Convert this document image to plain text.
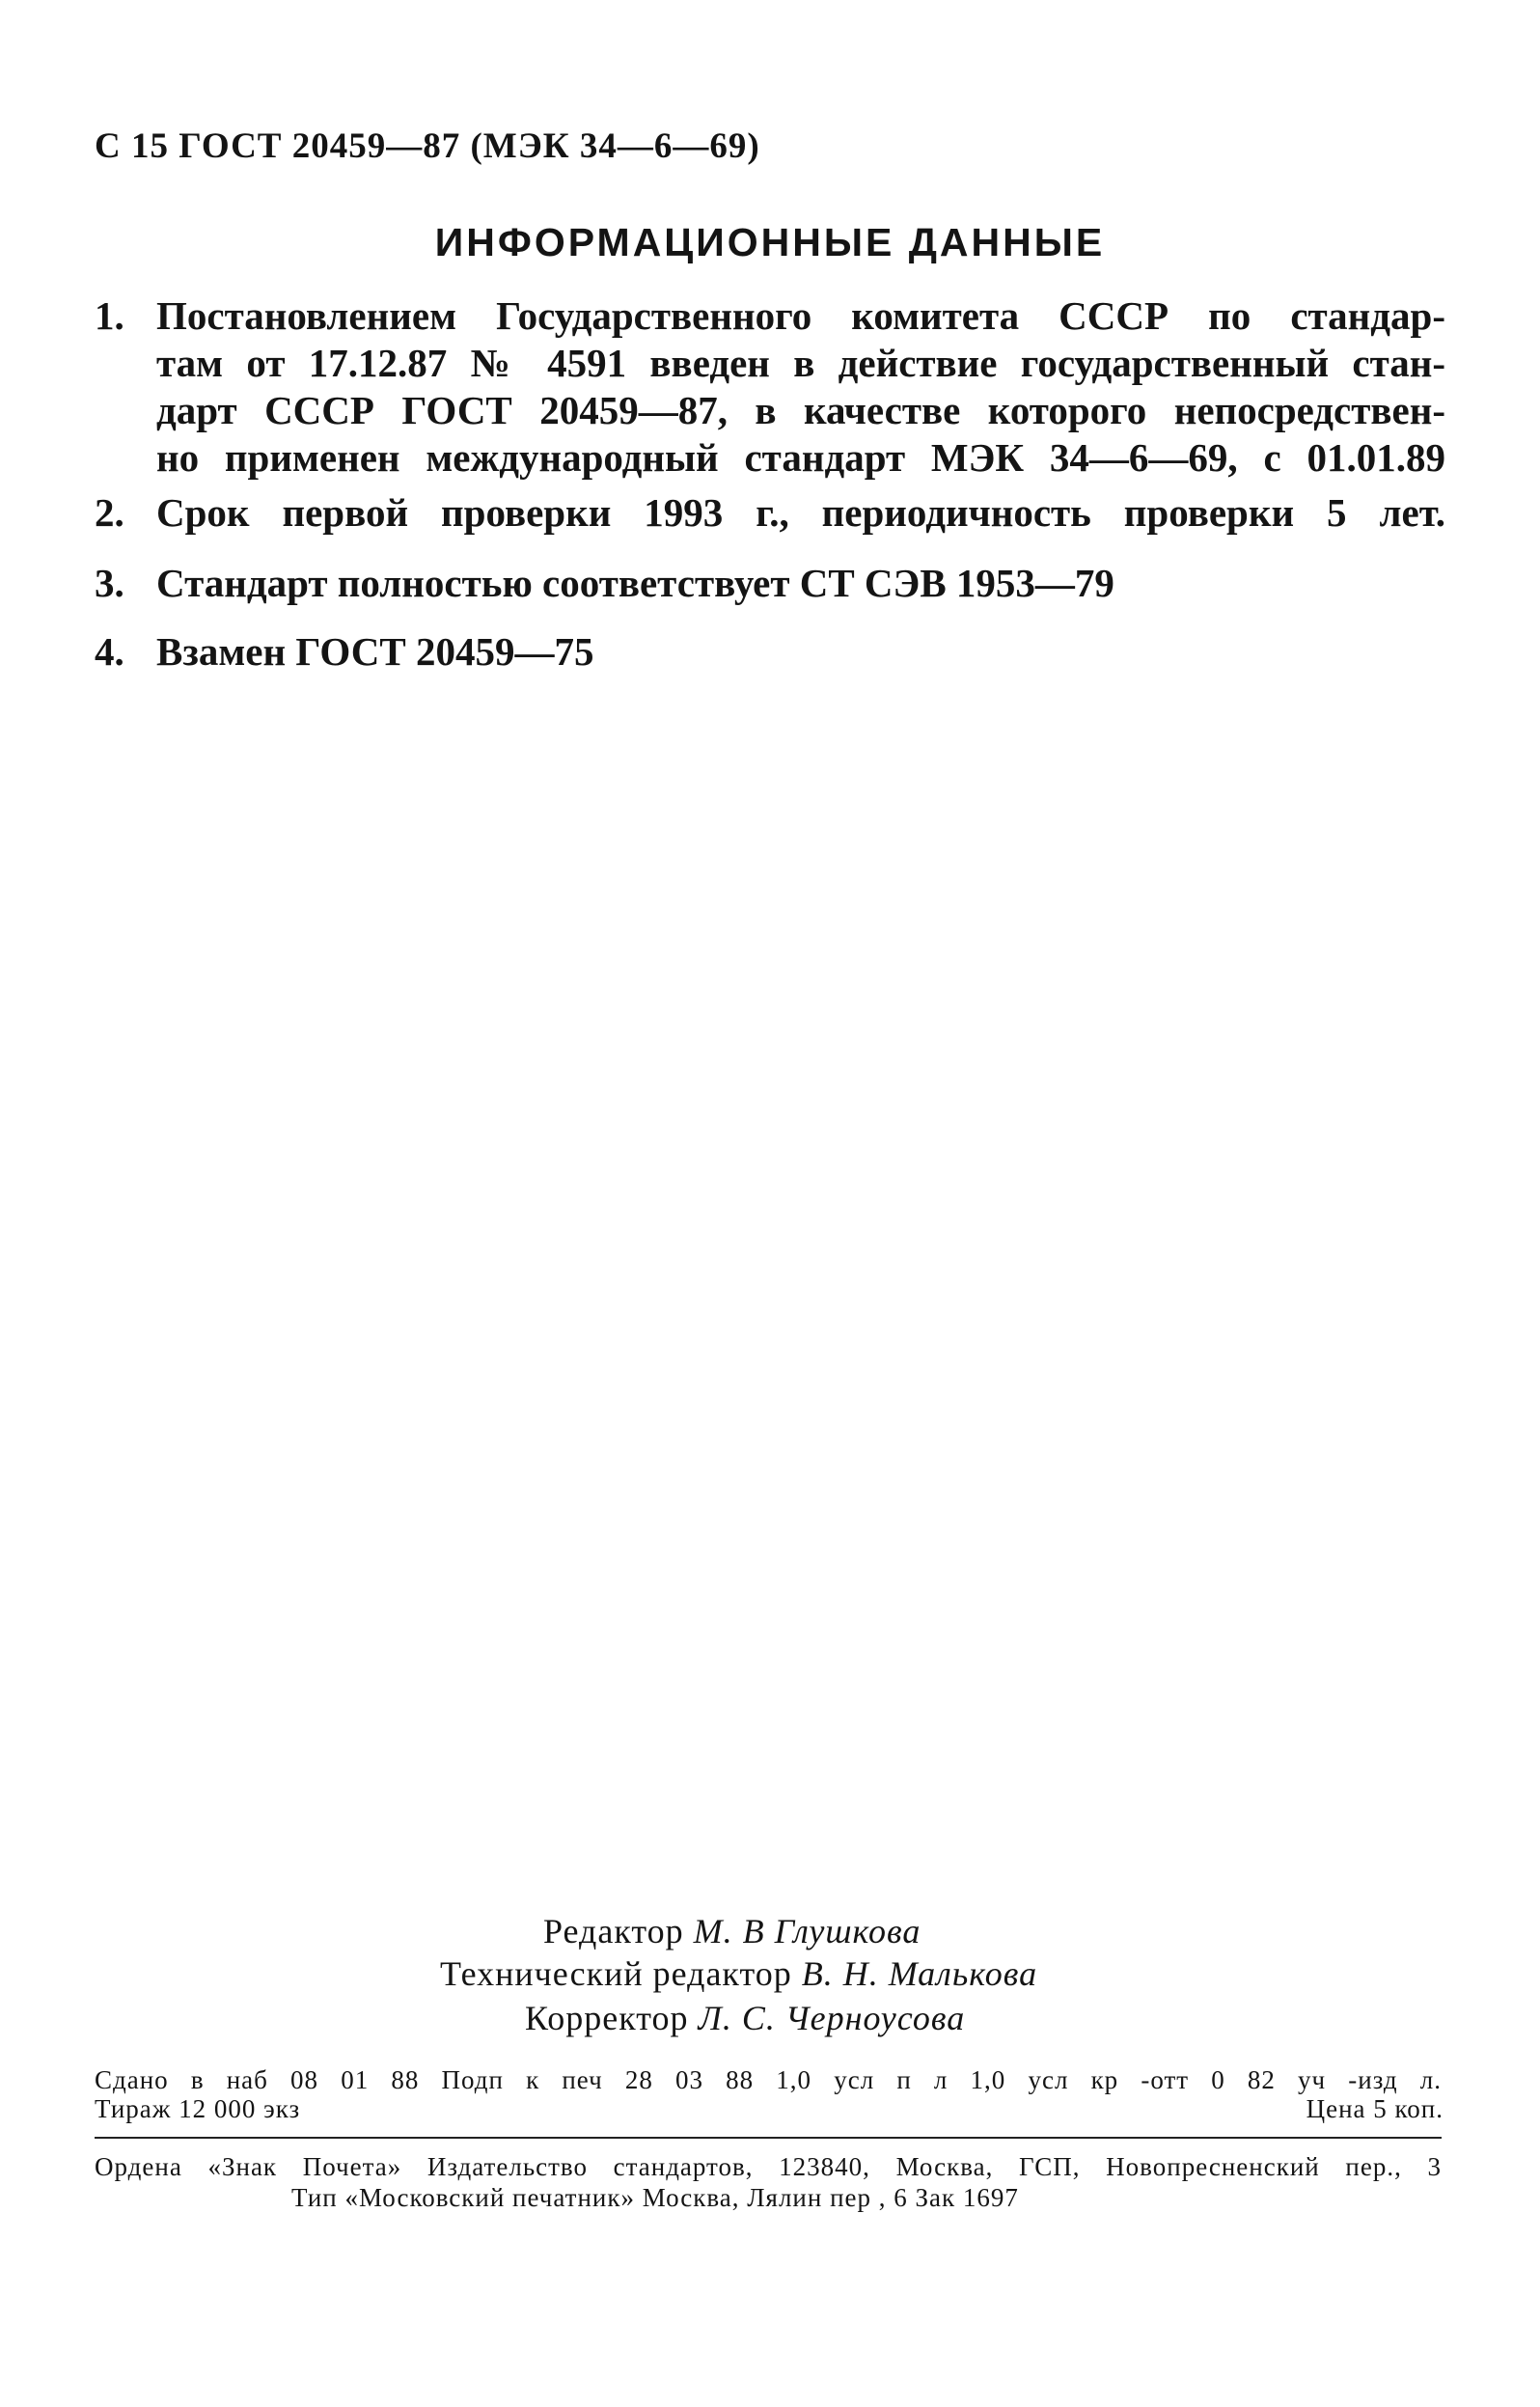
С 15 ГОСТ 20459—87 (МЭК 34—6—69)
ИНФОРМАЦИОННЫЕ ДАННЫЕ
1. Постановлением Государственного комитета СССР по стандар-
там от 17.12.87 № 4591 введен в действие государственный стан-
дарт СССР ГОСТ 20459—87, в качестве которого непосредствен-
но применен международный стандарт МЭК 34—6—69, с 01.01.89
2. Срок первой проверки 1993 г., периодичность проверки 5 лет.
3. Стандарт полностью соответствует СТ СЭВ 1953—79
4. Взамен ГОСТ 20459—75
Редактор М. В Глушкова
Технический редактор В. Н. Малькова
Корректор Л. С. Черноусова
Сдано в наб 08 01 88 Подп к печ 28 03 88 1,0 усл п л 1,0 усл кр -отт 0 82 уч -изд л.
Тираж 12 000 экз	Цена 5 коп.
Ордена «Знак Почета» Издательство стандартов, 123840, Москва, ГСП, Новопресненский пер., 3
Тип «Московский печатник» Москва, Лялин пер , 6 Зак 1697
